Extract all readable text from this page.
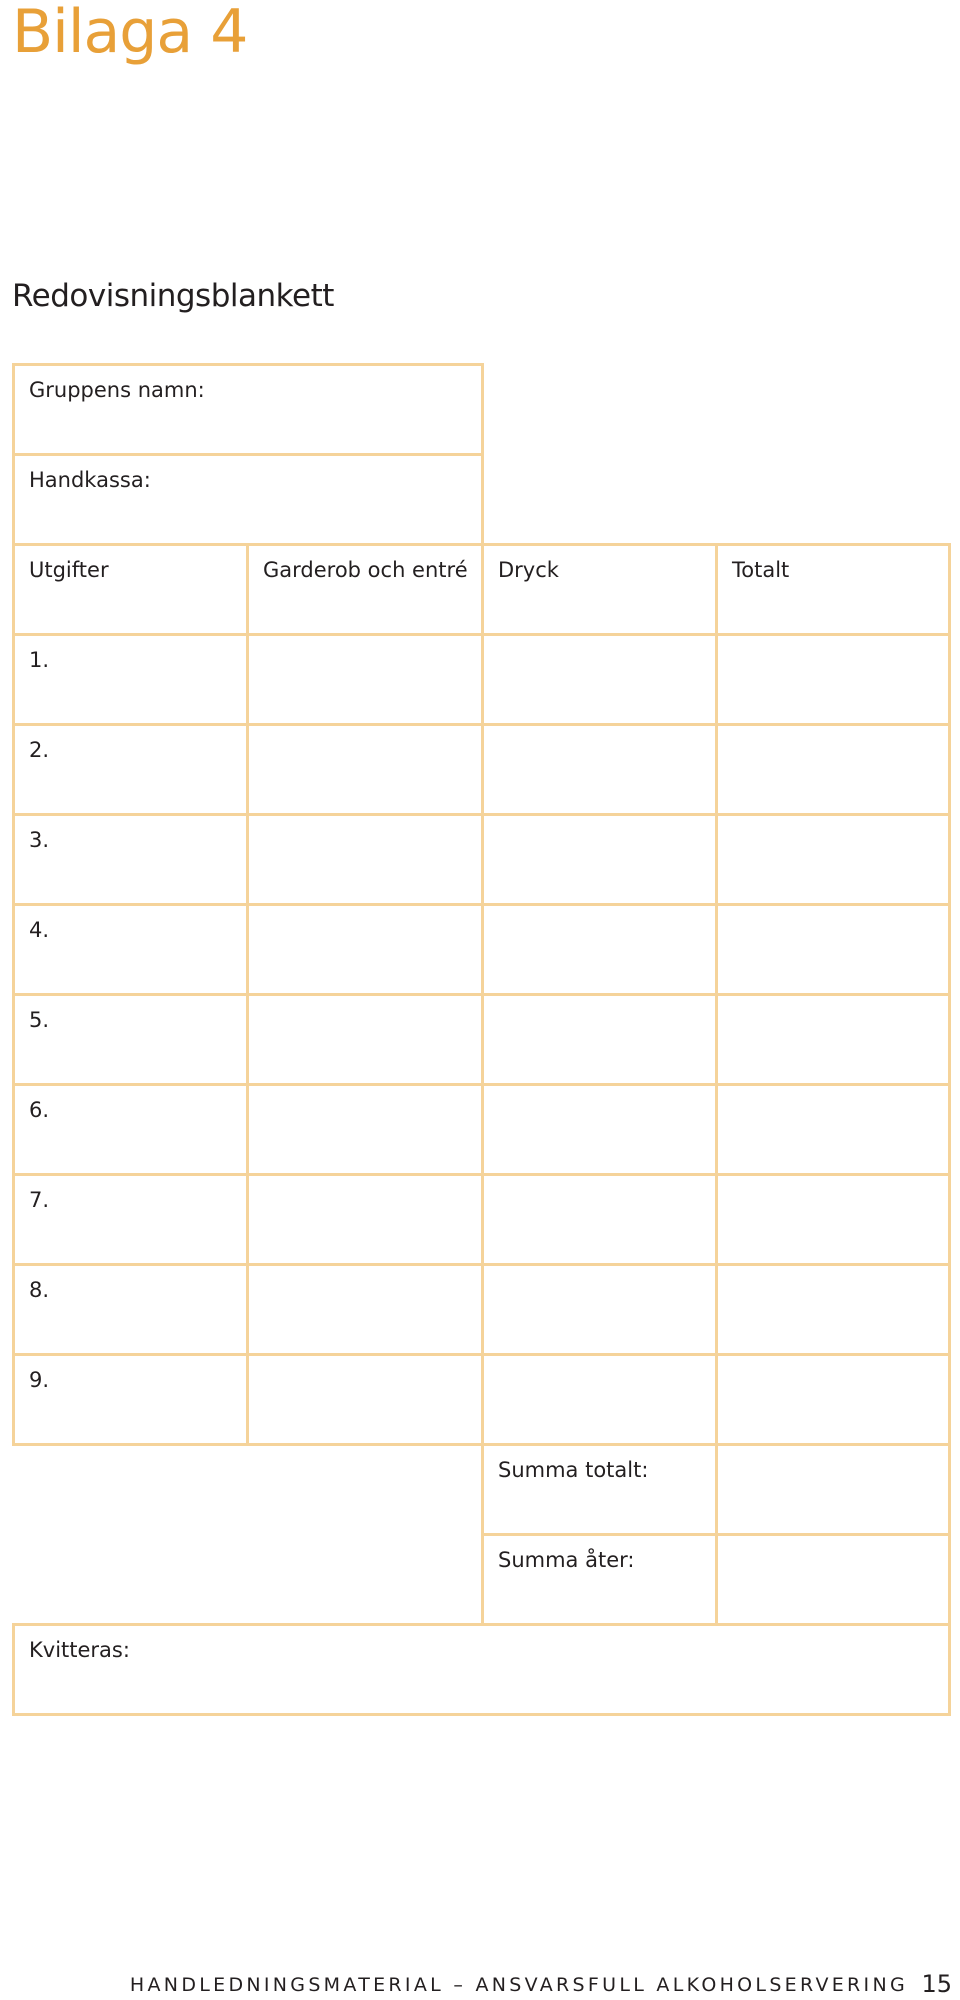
Bilaga 4
Redovisningsblankett
Gruppens namn:
Handkassa:
Utgifter	Garderob och entré Dryck	Totalt
1.
2.
3.
4.
5.
6.
7.
8.
9.
Summa totalt:
Summa åter:
Kvitteras:
HANDLEDNINGSMATERIAL – ANSVARSFULL ALKOHOLSERVERING 15
